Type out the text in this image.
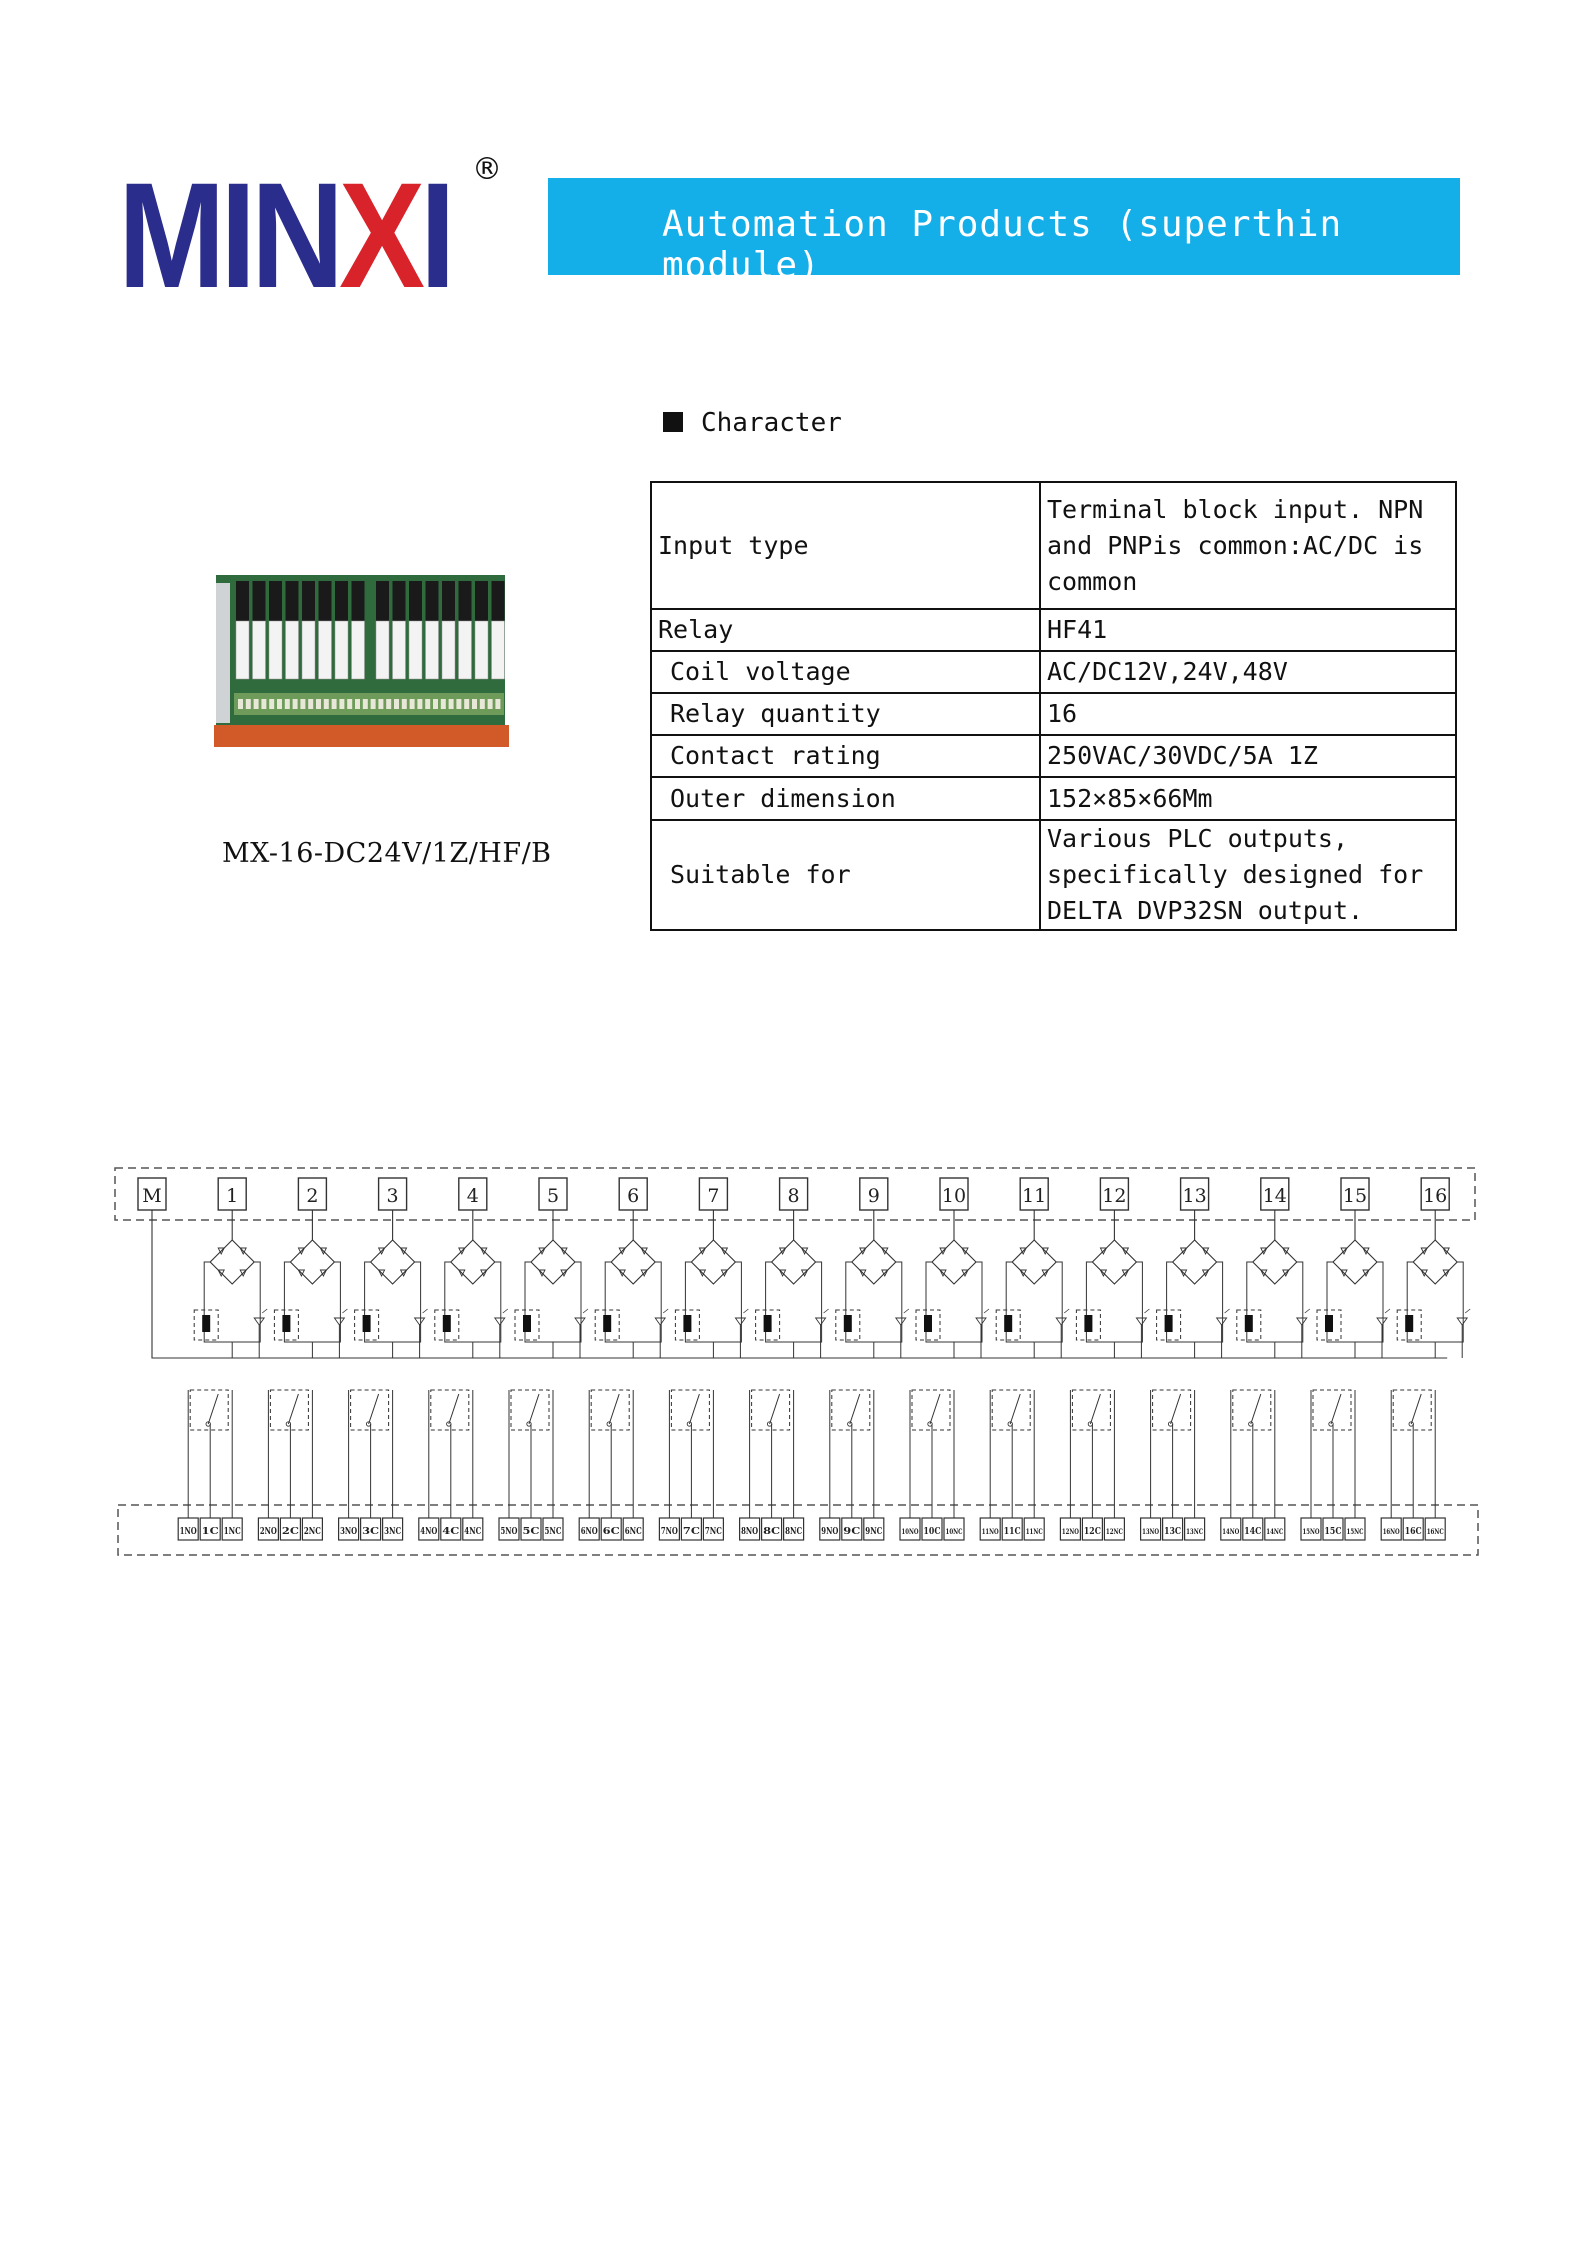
MINXI ®
Automation Products (superthin module)
Character
MX-16-DC24V/1Z/HF/B
Input type	Terminal block input. NPN and PNPis common:AC/DC is common
Relay	HF41
Coil voltage	AC/DC12V,24V,48V
Relay quantity	16
Contact rating	250VAC/30VDC/5A 1Z
Outer dimension	152×85×66Mm
Suitable for	Various PLC outputs, specifically designed for DELTA DVP32SN output.
M	1	2	3	4	5	6	7	8	9	10	11	12	13	14	15	16
1NO 1C 1NC 2NO 2C 2NC 3NO 3C 3NC 4NO 4C 4NC 5NO 5C 5NC 6NO 6C 6NC 7NO 7C 7NC 8NO 8C 8NC 9NO 9C 9NC	10NO 10C 10NC	11NO 11C 11NC	12NO 12C 12NC	13NO 13C 13NC	14NO 14C 14NC	15NO 15C 15NC	16NO 16C 16NC
